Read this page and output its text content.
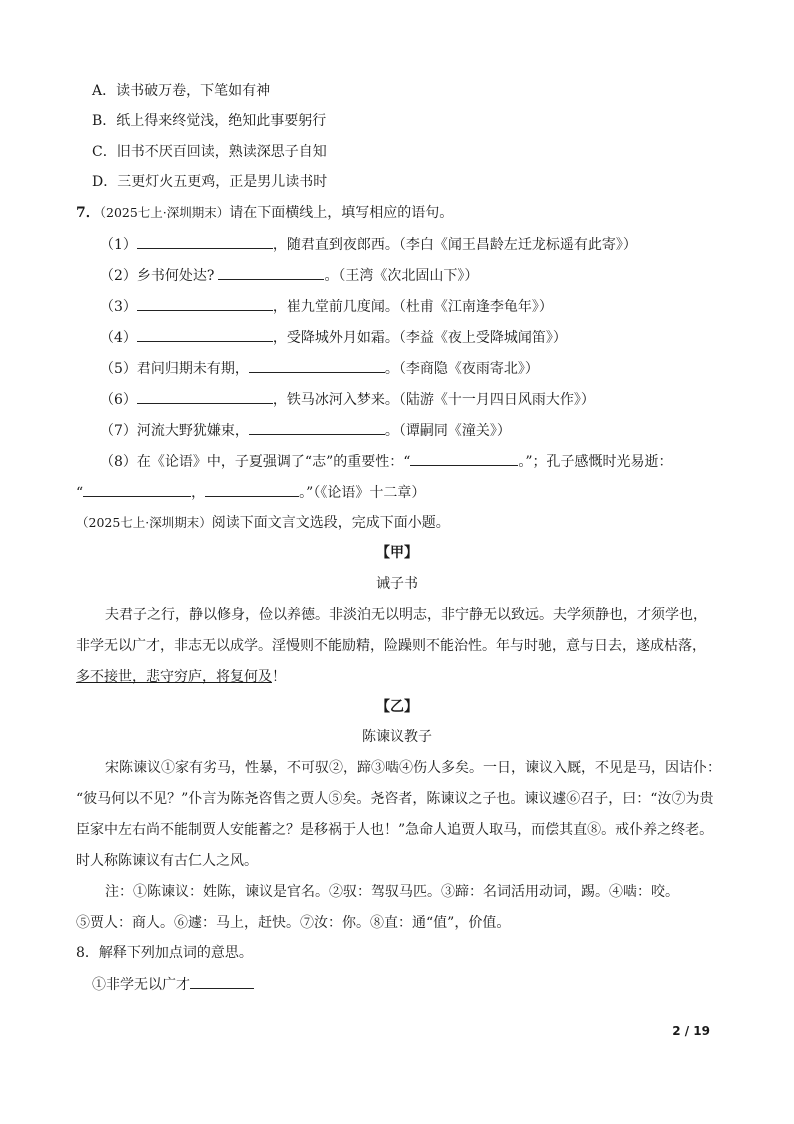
A．读书破万卷，下笔如有神
B．纸上得来终觉浅，绝知此事要躬行
C．旧书不厌百回读，熟读深思子自知
D．三更灯火五更鸡，正是男儿读书时
7．（2025七上·深圳期末）请在下面横线上，填写相应的语句。
（1）	，随君直到夜郎西。（李白《闻王昌龄左迁龙标遥有此寄》）
（2）乡书何处达?	。（王湾《次北固山下》）
（3）	，崔九堂前几度闻。（杜甫《江南逢李龟年》）
（4）	，受降城外月如霜。（李益《夜上受降城闻笛》）
（5）君问归期未有期，	。（李商隐《夜雨寄北》）
（6）	，铁马冰河入梦来。（陆游《十一月四日风雨大作》）
（7）河流大野犹嫌束，	。（谭嗣同《潼关》）
（8）在《论语》中，子夏强调了“志”的重要性：“	。”；孔子感慨时光易逝：
“	，	。”（《论语》十二章）
（2025七上·深圳期末）阅读下面文言文选段，完成下面小题。
【甲】
诫子书
夫君子之行，静以修身，俭以养德。非淡泊无以明志，非宁静无以致远。夫学须静也，才须学也，
非学无以广才，非志无以成学。淫慢则不能励精，险躁则不能治性。年与时驰，意与日去，遂成枯落，
多不接世，悲守穷庐，将复何及！
【乙】
陈谏议教子
宋陈谏议①家有劣马，性暴，不可驭②，蹄③啮④伤人多矣。一日，谏议入厩，不见是马，因诘仆：
“彼马何以不见？”仆言为陈尧咨售之贾人⑤矣。尧咨者，陈谏议之子也。谏议遽⑥召子，曰：“汝⑦为贵
臣家中左右尚不能制贾人安能蓄之？是移祸于人也！”急命人追贾人取马，而偿其直⑧。戒仆养之终老。
时人称陈谏议有古仁人之风。
注：①陈谏议：姓陈，谏议是官名。②驭：驾驭马匹。③蹄：名词活用动词，踢。④啮：咬。
⑤贾人：商人。⑥遽：马上，赶快。⑦汝：你。⑧直：通“值”，价值。
8．解释下列加点词的意思。
①非学无以广才
2 / 19
